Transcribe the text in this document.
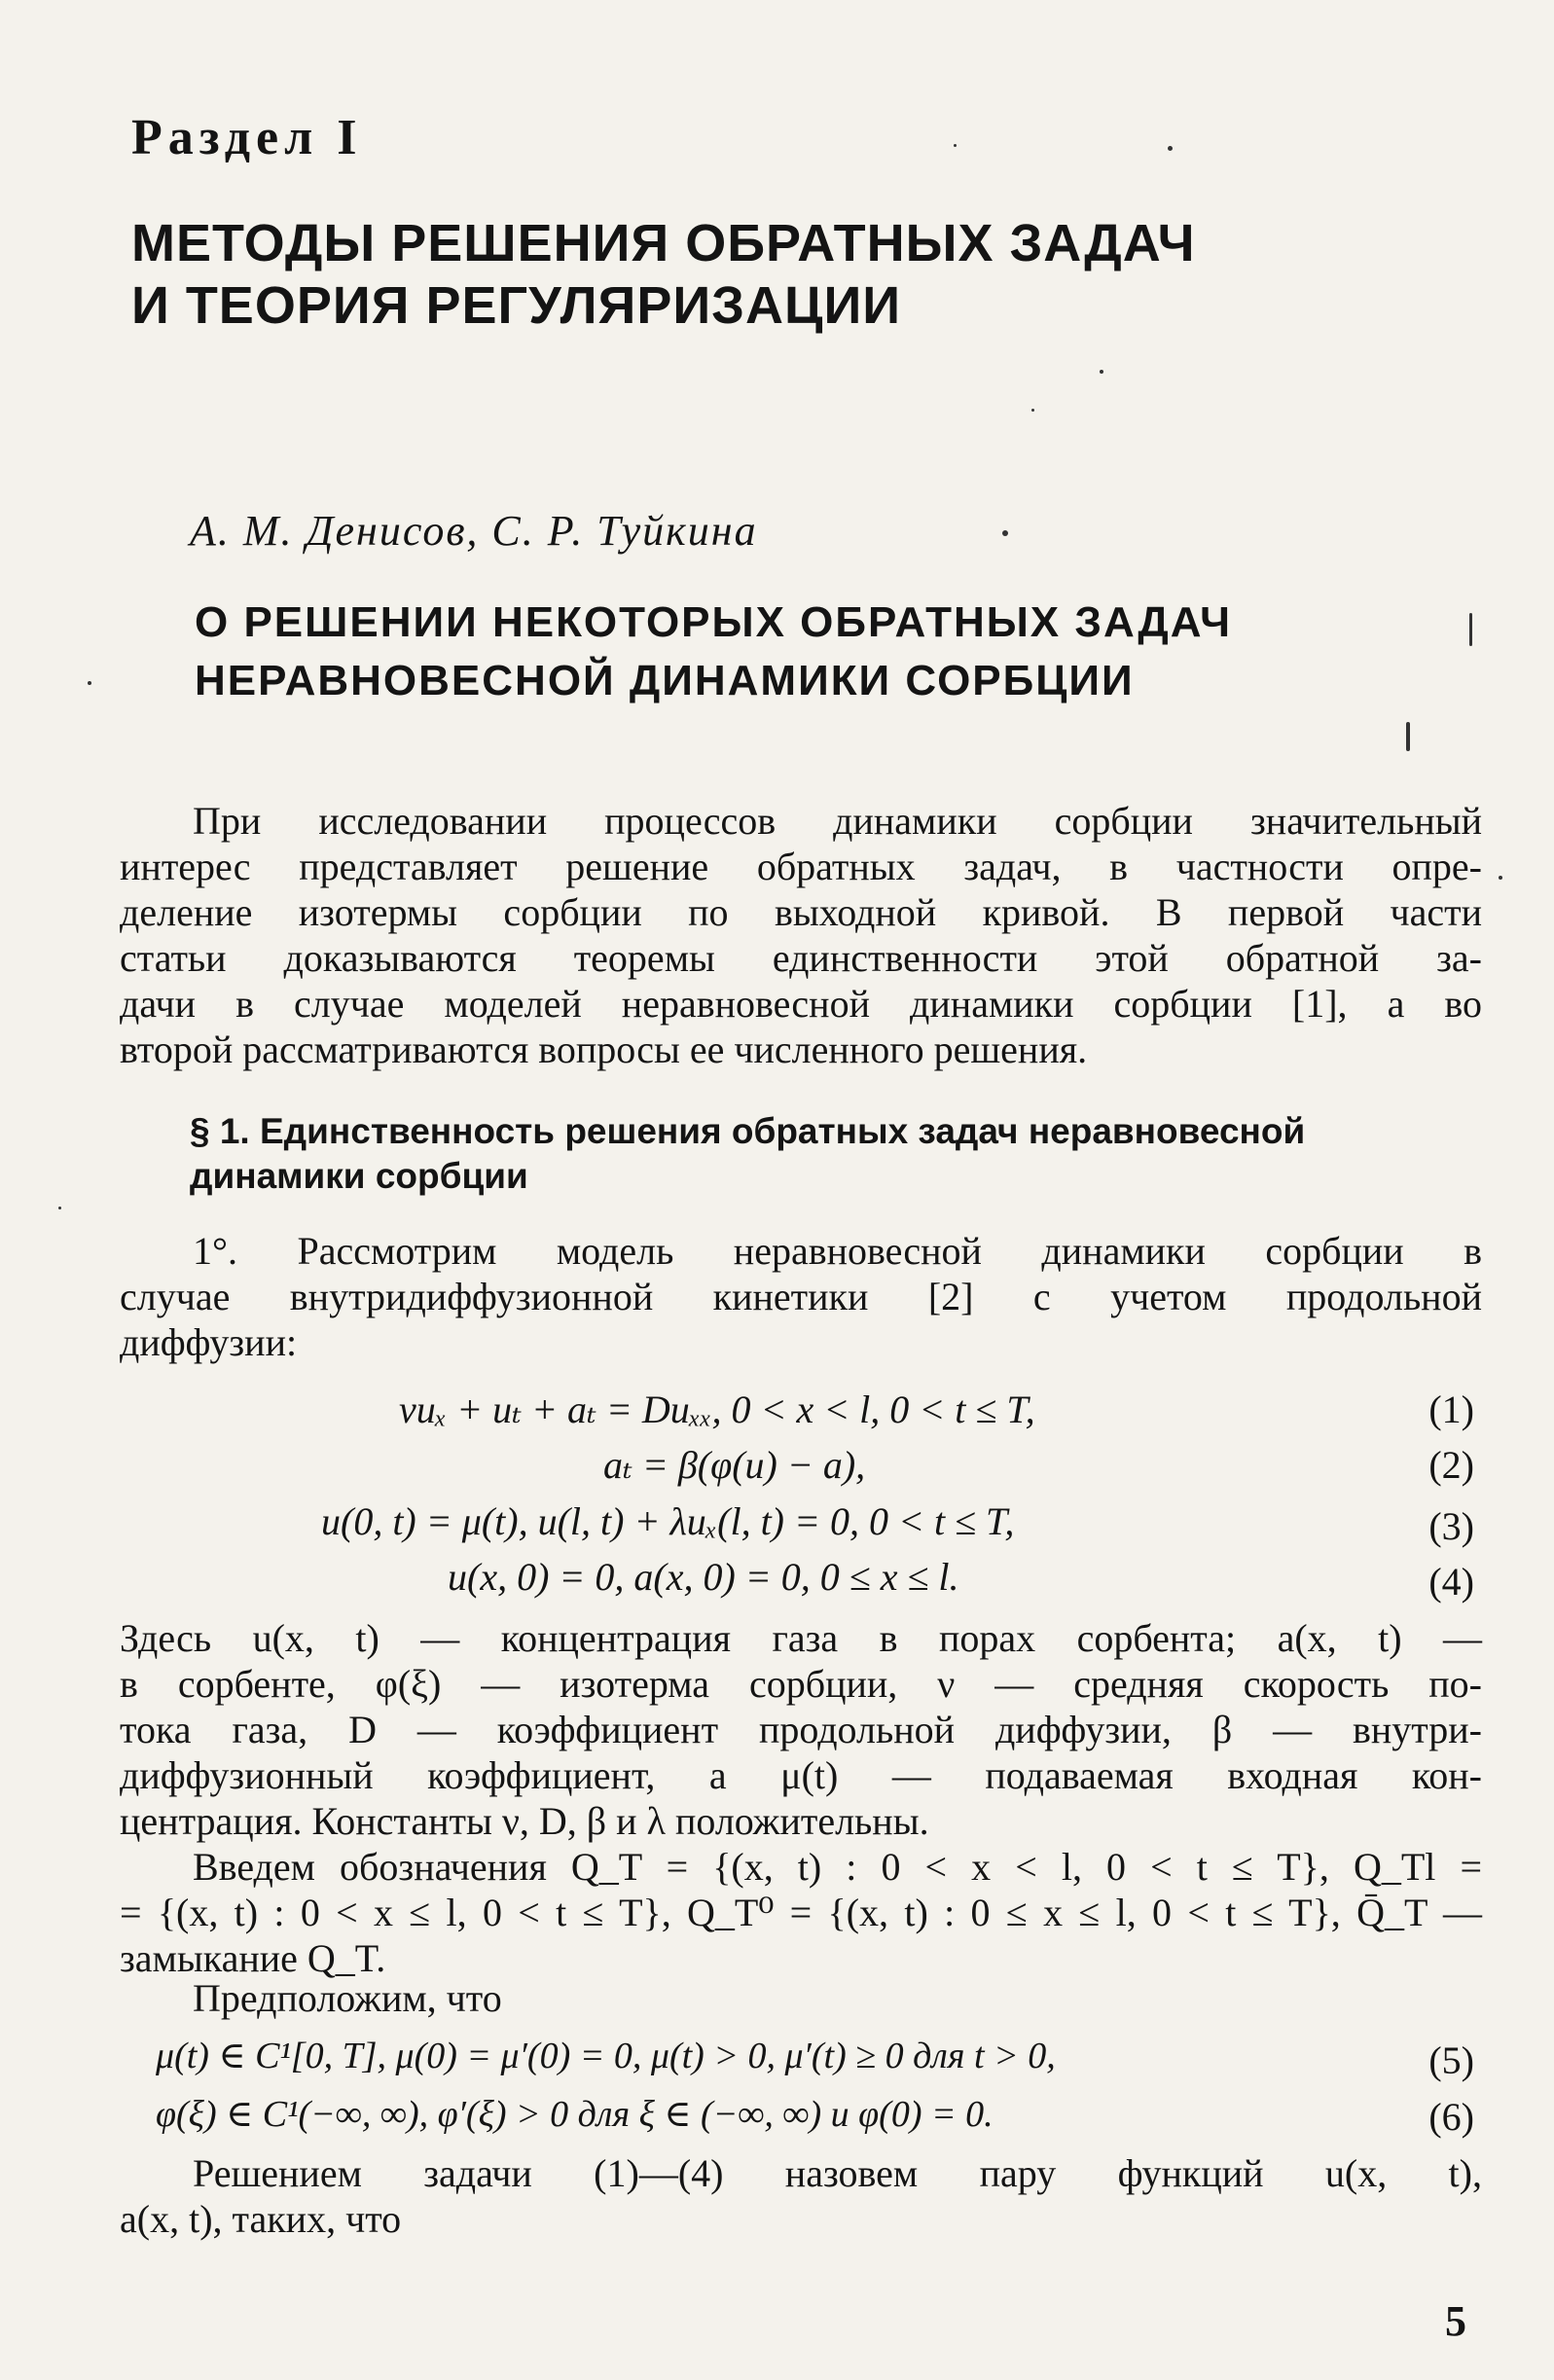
Раздел I
МЕТОДЫ РЕШЕНИЯ ОБРАТНЫХ ЗАДАЧ
И ТЕОРИЯ РЕГУЛЯРИЗАЦИИ
А. М. Денисов, С. Р. Туйкина
О РЕШЕНИИ НЕКОТОРЫХ ОБРАТНЫХ ЗАДАЧ
НЕРАВНОВЕСНОЙ ДИНАМИКИ СОРБЦИИ
При исследовании процессов динамики сорбции значительный
интерес представляет решение обратных задач, в частности опре-
деление изотермы сорбции по выходной кривой. В первой части
статьи доказываются теоремы единственности этой обратной за-
дачи в случае моделей неравновесной динамики сорбции [1], а во
второй рассматриваются вопросы ее численного решения.
§ 1. Единственность решения обратных задач неравновесной
динамики сорбции
1°. Рассмотрим модель неравновесной динамики сорбции в
случае внутридиффузионной кинетики [2] с учетом продольной
диффузии:
νuₓ + uₜ + aₜ = Duₓₓ, 0 < x < l, 0 < t ≤ T,	(1)
aₜ = β(φ(u) − a),	(2)
u(0, t) = μ(t), u(l, t) + λuₓ(l, t) = 0, 0 < t ≤ T,	(3)
u(x, 0) = 0, a(x, 0) = 0, 0 ≤ x ≤ l.	(4)
Здесь u(x, t) — концентрация газа в порах сорбента; a(x, t) —
в сорбенте, φ(ξ) — изотерма сорбции, ν — средняя скорость по-
тока газа, D — коэффициент продольной диффузии, β — внутри-
диффузионный коэффициент, а μ(t) — подаваемая входная кон-
центрация. Константы ν, D, β и λ положительны.
Введем обозначения Q_T = {(x, t) : 0 < x < l, 0 < t ≤ T}, Q_Tl =
= {(x, t) : 0 < x ≤ l, 0 < t ≤ T}, Q_T⁰ = {(x, t) : 0 ≤ x ≤ l, 0 < t ≤ T}, Q̄_T —
замыкание Q_T.
Предположим, что
μ(t) ∈ C¹[0, T], μ(0) = μ′(0) = 0, μ(t) > 0, μ′(t) ≥ 0 для t > 0,	(5)
φ(ξ) ∈ C¹(−∞, ∞), φ′(ξ) > 0 для ξ ∈ (−∞, ∞) и φ(0) = 0.	(6)
Решением задачи (1)—(4) назовем пару функций u(x, t),
a(x, t), таких, что
5
